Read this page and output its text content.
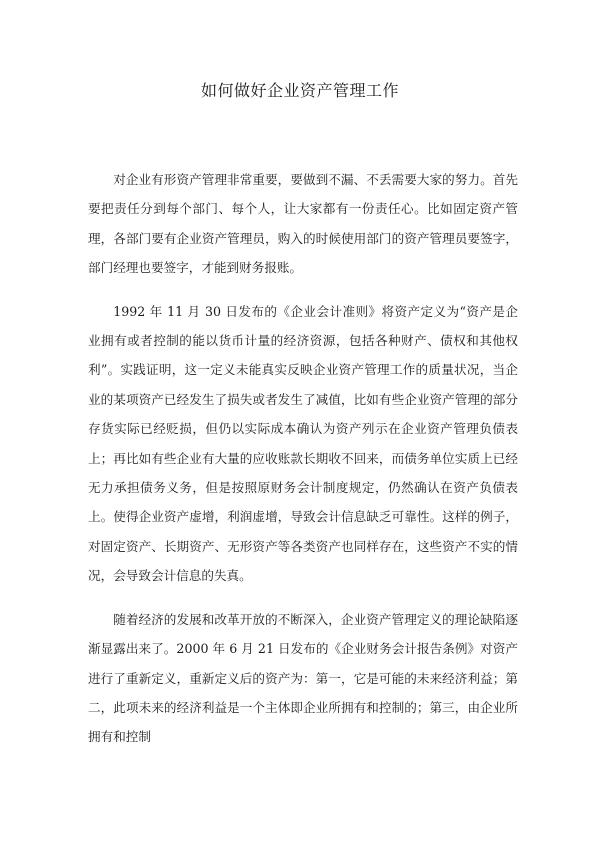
如何做好企业资产管理工作

对企业有形资产管理非常重要，要做到不漏、不丢需要大家的努力。首先要把责任分到每个部门、每个人，让大家都有一份责任心。比如固定资产管理，各部门要有企业资产管理员，购入的时候使用部门的资产管理员要签字，部门经理也要签字，才能到财务报账。

1992 年 11 月 30 日发布的《企业会计准则》将资产定义为“资产是企业拥有或者控制的能以货币计量的经济资源，包括各种财产、债权和其他权利”。实践证明，这一定义未能真实反映企业资产管理工作的质量状况，当企业的某项资产已经发生了损失或者发生了减值，比如有些企业资产管理的部分存货实际已经贬损，但仍以实际成本确认为资产列示在企业资产管理负债表上；再比如有些企业有大量的应收账款长期收不回来，而债务单位实质上已经无力承担债务义务，但是按照原财务会计制度规定，仍然确认在资产负债表上。使得企业资产虚增，利润虚增，导致会计信息缺乏可靠性。这样的例子，对固定资产、长期资产、无形资产等各类资产也同样存在，这些资产不实的情况，会导致会计信息的失真。

随着经济的发展和改革开放的不断深入，企业资产管理定义的理论缺陷逐渐显露出来了。2000 年 6 月 21 日发布的《企业财务会计报告条例》对资产进行了重新定义，重新定义后的资产为：第一，它是可能的未来经济利益；第二，此项未来的经济利益是一个主体即企业所拥有和控制的；第三，由企业所拥有和控制
